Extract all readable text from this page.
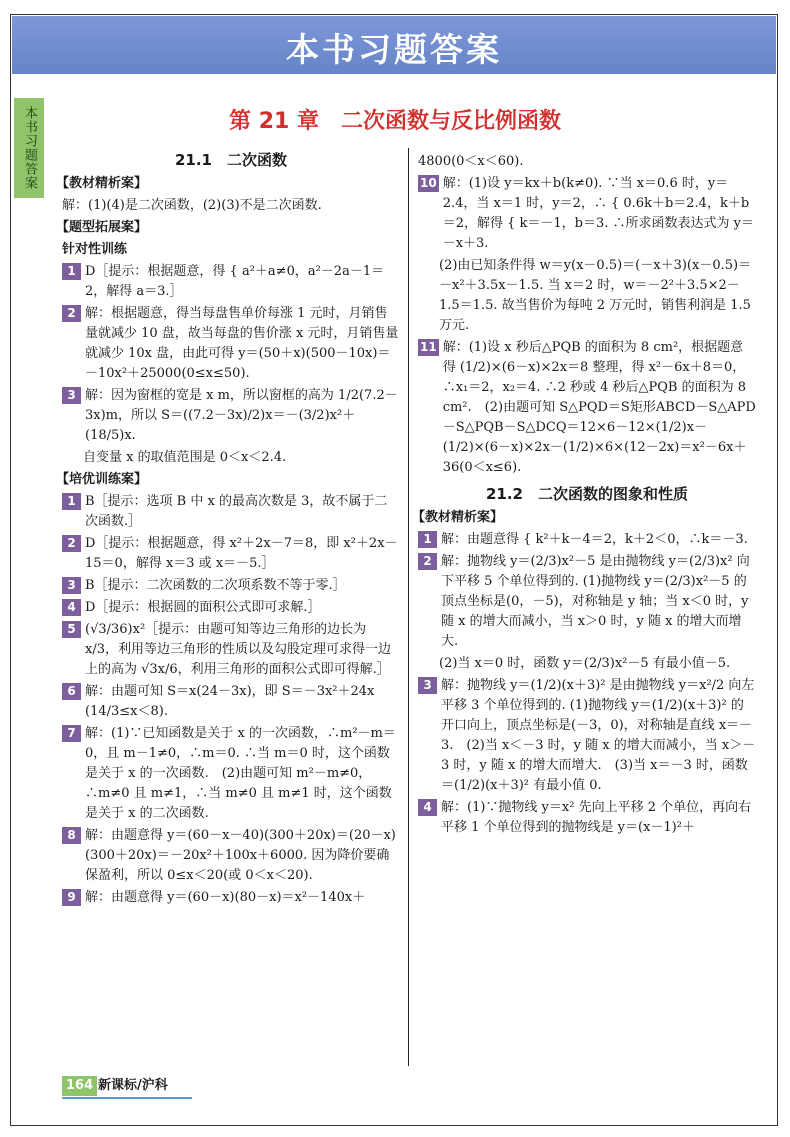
本书习题答案
本书习题答案	第 21 章　二次函数与反比例函数
21.1　二次函数
【教材精析案】
解：(1)(4)是二次函数，(2)(3)不是二次函数.
【题型拓展案】
针对性训练
1 D［提示：根据题意，得 { a²＋a≠0，a²－2a－1＝2，解得 a＝3.］
2 解：根据题意，得当每盘售单价每涨 1 元时，月销售量就减少 10 盘，故当每盘的售价涨 x 元时，月销售量就减少 10x 盘，由此可得 y＝(50＋x)(500－10x)＝－10x²＋25000(0≤x≤50).
3 解：因为窗框的宽是 x m，所以窗框的高为 1/2(7.2－3x)m，所以 S＝((7.2－3x)/2)x＝－(3/2)x²＋(18/5)x.
自变量 x 的取值范围是 0＜x＜2.4.
【培优训练案】
1 B［提示：选项 B 中 x 的最高次数是 3，故不属于二次函数.］
2 D［提示：根据题意，得 x²＋2x－7＝8，即 x²＋2x－15＝0，解得 x＝3 或 x＝－5.］
3 B［提示：二次函数的二次项系数不等于零.］
4 D［提示：根据圆的面积公式即可求解.］
5 (√3/36)x²［提示：由题可知等边三角形的边长为 x/3，利用等边三角形的性质以及勾股定理可求得一边上的高为 √3x/6，利用三角形的面积公式即可得解.］
6 解：由题可知 S＝x(24－3x)，即 S＝－3x²＋24x (14/3≤x＜8).
7 解：(1)∵已知函数是关于 x 的一次函数，∴m²－m＝0，且 m－1≠0，∴m＝0. ∴当 m＝0 时，这个函数是关于 x 的一次函数.　(2)由题可知 m²－m≠0，∴m≠0 且 m≠1，∴当 m≠0 且 m≠1 时，这个函数是关于 x 的二次函数.
8 解：由题意得 y＝(60－x－40)(300＋20x)＝(20－x)(300＋20x)＝－20x²＋100x＋6000. 因为降价要确保盈利，所以 0≤x＜20(或 0＜x＜20).
9 解：由题意得 y＝(60－x)(80－x)＝x²－140x＋
4800(0＜x＜60).
10 解：(1)设 y＝kx＋b(k≠0). ∵当 x＝0.6 时，y＝2.4，当 x＝1 时，y＝2，∴ { 0.6k＋b＝2.4，k＋b＝2，解得 { k＝－1，b＝3. ∴所求函数表达式为 y＝－x＋3.
(2)由已知条件得 w＝y(x－0.5)＝(－x＋3)(x－0.5)＝－x²＋3.5x－1.5. 当 x＝2 时，w＝－2²＋3.5×2－1.5＝1.5. 故当售价为每吨 2 万元时，销售利润是 1.5 万元.
11 解：(1)设 x 秒后△PQB 的面积为 8 cm²，根据题意得 (1/2)×(6－x)×2x＝8 整理，得 x²－6x＋8＝0，∴x₁＝2，x₂＝4. ∴2 秒或 4 秒后△PQB 的面积为 8 cm².　(2)由题可知 S△PQD＝S矩形ABCD－S△APD－S△PQB－S△DCQ＝12×6－12×(1/2)x－(1/2)×(6－x)×2x－(1/2)×6×(12－2x)＝x²－6x＋36(0＜x≤6).
21.2　二次函数的图象和性质
【教材精析案】
1 解：由题意得 { k²＋k－4＝2，k＋2＜0，∴k＝－3.
2 解：抛物线 y＝(2/3)x²－5 是由抛物线 y＝(2/3)x² 向下平移 5 个单位得到的. (1)抛物线 y＝(2/3)x²－5 的顶点坐标是(0，－5)，对称轴是 y 轴；当 x＜0 时，y 随 x 的增大而减小，当 x＞0 时，y 随 x 的增大而增大.
(2)当 x＝0 时，函数 y＝(2/3)x²－5 有最小值－5.
3 解：抛物线 y＝(1/2)(x＋3)² 是由抛物线 y＝x²/2 向左平移 3 个单位得到的. (1)抛物线 y＝(1/2)(x＋3)² 的开口向上，顶点坐标是(－3，0)，对称轴是直线 x＝－3.　(2)当 x＜－3 时，y 随 x 的增大而减小，当 x＞－3 时，y 随 x 的增大而增大.　(3)当 x＝－3 时，函数＝(1/2)(x＋3)² 有最小值 0.
4 解：(1)∵抛物线 y＝x² 先向上平移 2 个单位，再向右平移 1 个单位得到的抛物线是 y＝(x－1)²＋
164 新课标/沪科
